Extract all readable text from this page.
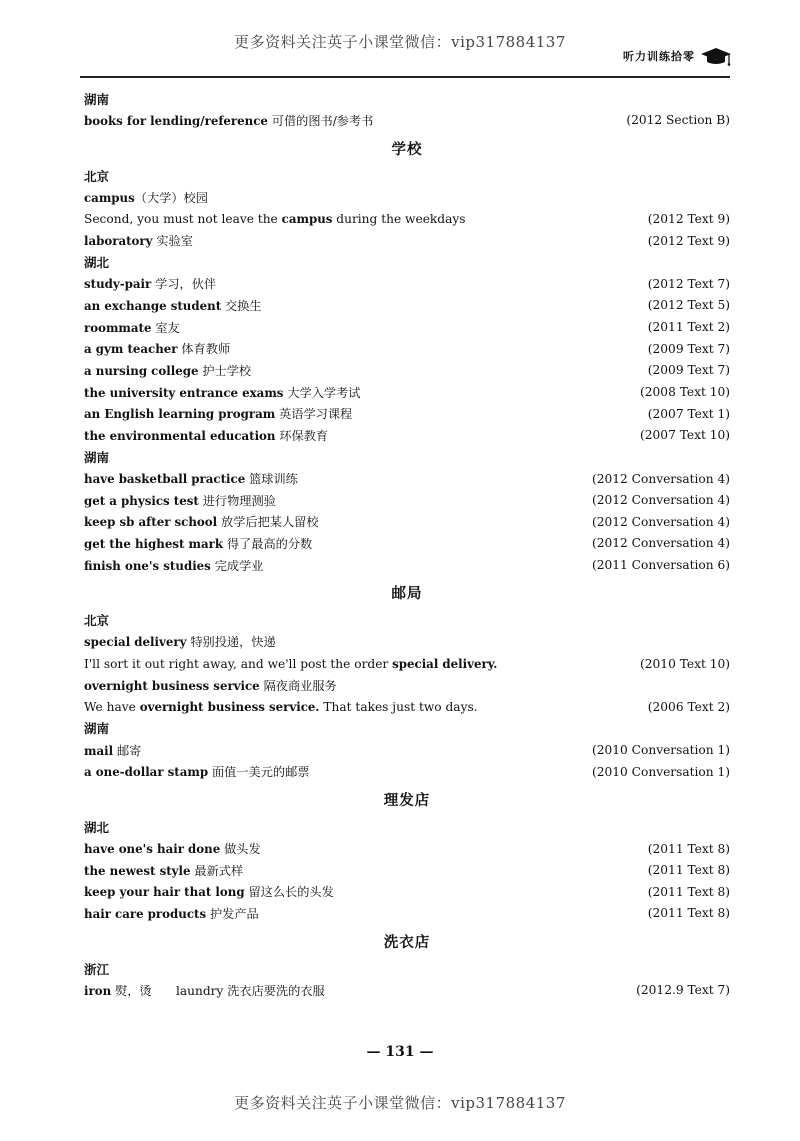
更多资料关注英子小课堂微信：vip317884137
听力训练拾零
湖南
books for lending/reference 可借的图书/参考书	(2012 Section B)
学校
北京
campus（大学）校园
Second, you must not leave the campus during the weekdays	(2012 Text 9)
laboratory 实验室	(2012 Text 9)
湖北
study-pair 学习，伙伴	(2012 Text 7)
an exchange student 交换生	(2012 Text 5)
roommate 室友	(2011 Text 2)
a gym teacher 体育教师	(2009 Text 7)
a nursing college 护士学校	(2009 Text 7)
the university entrance exams 大学入学考试	(2008 Text 10)
an English learning program 英语学习课程	(2007 Text 1)
the environmental education 环保教育	(2007 Text 10)
湖南
have basketball practice 篮球训练	(2012 Conversation 4)
get a physics test 进行物理测验	(2012 Conversation 4)
keep sb after school 放学后把某人留校	(2012 Conversation 4)
get the highest mark 得了最高的分数	(2012 Conversation 4)
finish one's studies 完成学业	(2011 Conversation 6)
邮局
北京
special delivery 特别投递，快递
I'll sort it out right away, and we'll post the order special delivery.	(2010 Text 10)
overnight business service 隔夜商业服务
We have overnight business service. That takes just two days.	(2006 Text 2)
湖南
mail 邮寄	(2010 Conversation 1)
a one-dollar stamp 面值一美元的邮票	(2010 Conversation 1)
理发店
湖北
have one's hair done 做头发	(2011 Text 8)
the newest style 最新式样	(2011 Text 8)
keep your hair that long 留这么长的头发	(2011 Text 8)
hair care products 护发产品	(2011 Text 8)
洗衣店
浙江
iron 熨，烫　　laundry 洗衣店要洗的衣服	(2012.9 Text 7)
— 131 —
更多资料关注英子小课堂微信：vip317884137
